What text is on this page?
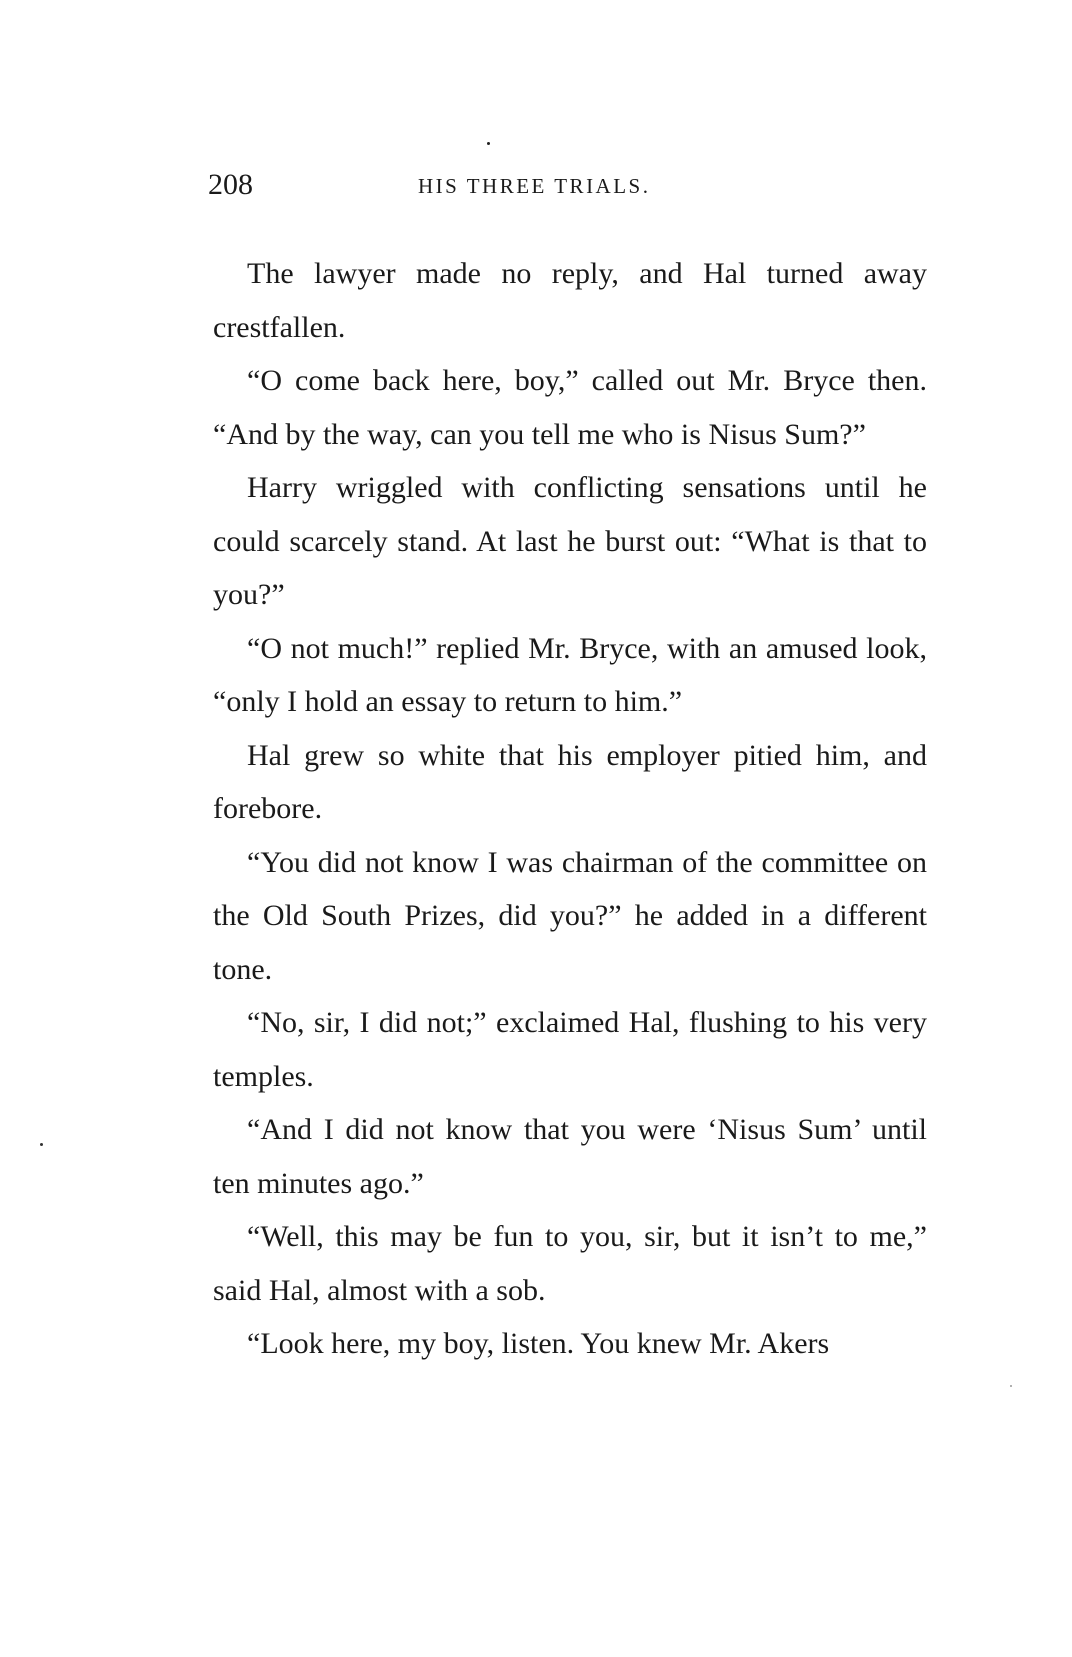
208	HIS THREE TRIALS.

The lawyer made no reply, and Hal turned away crestfallen.

“O come back here, boy,” called out Mr. Bryce then. “And by the way, can you tell me who is Nisus Sum?”

Harry wriggled with conflicting sensations until he could scarcely stand. At last he burst out: “What is that to you?”

“O not much!” replied Mr. Bryce, with an amused look, “only I hold an essay to return to him.”

Hal grew so white that his employer pitied him, and forebore.

“You did not know I was chairman of the committee on the Old South Prizes, did you?” he added in a different tone.

“No, sir, I did not;” exclaimed Hal, flushing to his very temples.

“And I did not know that you were ‘Nisus Sum’ until ten minutes ago.”

“Well, this may be fun to you, sir, but it isn’t to me,” said Hal, almost with a sob.

“Look here, my boy, listen. You knew Mr. Akers
